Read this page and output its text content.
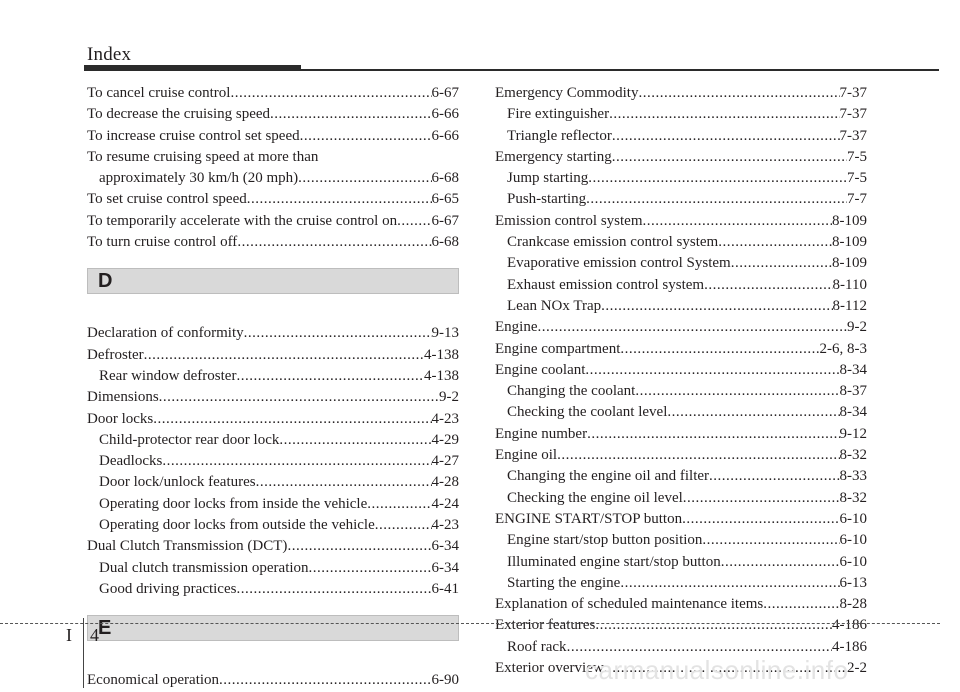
Index
To cancel cruise control .....	6-67
To decrease the cruising speed .....	6-66
To increase cruise control set speed .....	6-66
To resume cruising speed at more than
approximately 30 km/h (20 mph) .....	6-68
To set cruise control speed .....	6-65
To temporarily accelerate with the cruise control on ..... 6-67
To turn cruise control off .....	6-68
D
Declaration of conformity .....	9-13
Defroster .....	4-138
Rear window defroster .....	4-138
Dimensions .....	9-2
Door locks .....	4-23
Child-protector rear door lock .....	4-29
Deadlocks .....	4-27
Door lock/unlock features .....	4-28
Operating door locks from inside the vehicle .....	4-24
Operating door locks from outside the vehicle .....	4-23
Dual Clutch Transmission (DCT) .....	6-34
Dual clutch transmission operation .....	6-34
Good driving practices .....	6-41
E
Economical operation .....	6-90
Emergency Commodity .....	7-37
Fire extinguisher .....	7-37
Triangle reflector .....	7-37
Emergency starting .....	7-5
Jump starting .....	7-5
Push-starting .....	7-7
Emission control system .....	8-109
Crankcase emission control system .....	8-109
Evaporative emission control System .....	8-109
Exhaust emission control system .....	8-110
Lean NOx Trap .....	8-112
Engine .....	9-2
Engine compartment .....	2-6, 8-3
Engine coolant .....	8-34
Changing the coolant .....	8-37
Checking the coolant level .....	8-34
Engine number .....	9-12
Engine oil .....	8-32
Changing the engine oil and filter .....	8-33
Checking the engine oil level .....	8-32
ENGINE START/STOP button .....	6-10
Engine start/stop button position .....	6-10
Illuminated engine start/stop button .....	6-10
Starting the engine .....	6-13
Explanation of scheduled maintenance items .....	8-28
Exterior features .....	4-186
Roof rack .....	4-186
Exterior overview .....	2-2
I 4
carmanualsonline.info
